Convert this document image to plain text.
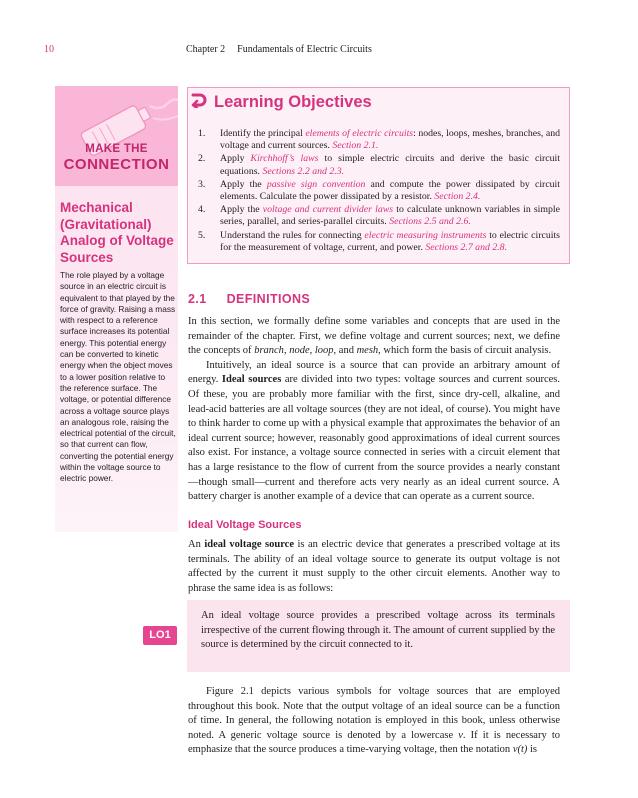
10	Chapter 2 Fundamentals of Electric Circuits
MAKE THE
CONNECTION
Mechanical (Gravitational) Analog of Voltage Sources
The role played by a voltage source in an electric circuit is equivalent to that played by the force of gravity. Raising a mass with respect to a reference surface increases its potential energy. This potential energy can be converted to kinetic energy when the object moves to a lower position relative to the reference surface. The voltage, or potential difference across a voltage source plays an analogous role, raising the electrical potential of the circuit, so that current can flow, converting the potential energy within the voltage source to electric power.
Learning Objectives
1. Identify the principal elements of electric circuits: nodes, loops, meshes, branches, and voltage and current sources. Section 2.1.
2. Apply Kirchhoff’s laws to simple electric circuits and derive the basic circuit equations. Sections 2.2 and 2.3.
3. Apply the passive sign convention and compute the power dissipated by circuit elements. Calculate the power dissipated by a resistor. Section 2.4.
4. Apply the voltage and current divider laws to calculate unknown variables in simple series, parallel, and series-parallel circuits. Sections 2.5 and 2.6.
5. Understand the rules for connecting electric measuring instruments to electric circuits for the measurement of voltage, current, and power. Sections 2.7 and 2.8.
2.1 DEFINITIONS

In this section, we formally define some variables and concepts that are used in the remainder of the chapter. First, we define voltage and current sources; next, we define the concepts of branch, node, loop, and mesh, which form the basis of circuit analysis.

Intuitively, an ideal source is a source that can provide an arbitrary amount of energy. Ideal sources are divided into two types: voltage sources and current sources. Of these, you are probably more familiar with the first, since dry-cell, alkaline, and lead-acid batteries are all voltage sources (they are not ideal, of course). You might have to think harder to come up with a physical example that approximates the behavior of an ideal current source; however, reasonably good approximations of ideal current sources also exist. For instance, a voltage source connected in series with a circuit element that has a large resistance to the flow of current from the source provides a nearly constant—though small—current and therefore acts very nearly as an ideal current source. A battery charger is another example of a device that can operate as a current source.

Ideal Voltage Sources

An ideal voltage source is an electric device that generates a prescribed voltage at its terminals. The ability of an ideal voltage source to generate its output voltage is not affected by the current it must supply to the other circuit elements. Another way to phrase the same idea is as follows:

An ideal voltage source provides a prescribed voltage across its terminals irrespective of the current flowing through it. The amount of current supplied by the source is determined by the circuit connected to it.
LO1

Figure 2.1 depicts various symbols for voltage sources that are employed throughout this book. Note that the output voltage of an ideal source can be a function of time. In general, the following notation is employed in this book, unless otherwise noted. A generic voltage source is denoted by a lowercase v. If it is necessary to emphasize that the source produces a time-varying voltage, then the notation v(t) is
